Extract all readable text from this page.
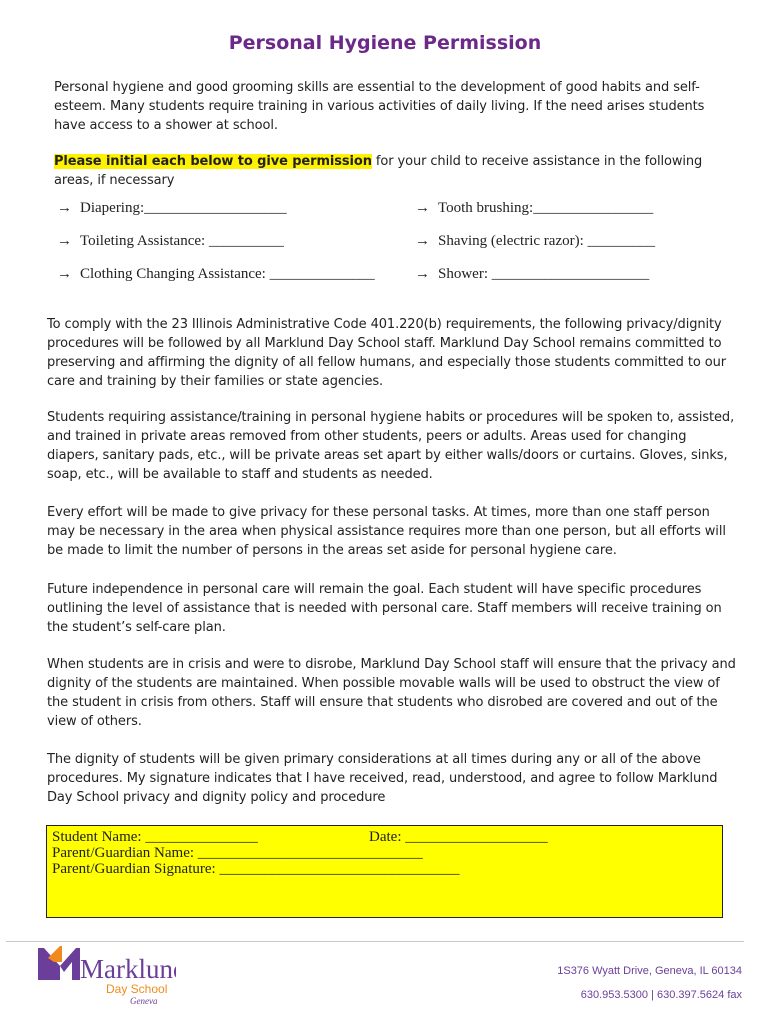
Personal Hygiene Permission
Personal hygiene and good grooming skills are essential to the development of good habits and self-esteem. Many students require training in various activities of daily living. If the need arises students have access to a shower at school.
Please initial each below to give permission for your child to receive assistance in the following areas, if necessary
→ Diapering:___________________	→ Tooth brushing:________________
→ Toileting Assistance: __________	→ Shaving (electric razor): _________
→ Clothing Changing Assistance: ______________	→ Shower: _____________________
To comply with the 23 Illinois Administrative Code 401.220(b) requirements, the following privacy/dignity procedures will be followed by all Marklund Day School staff. Marklund Day School remains committed to preserving and affirming the dignity of all fellow humans, and especially those students committed to our care and training by their families or state agencies.
Students requiring assistance/training in personal hygiene habits or procedures will be spoken to, assisted, and trained in private areas removed from other students, peers or adults. Areas used for changing diapers, sanitary pads, etc., will be private areas set apart by either walls/doors or curtains. Gloves, sinks, soap, etc., will be available to staff and students as needed.
Every effort will be made to give privacy for these personal tasks. At times, more than one staff person may be necessary in the area when physical assistance requires more than one person, but all efforts will be made to limit the number of persons in the areas set aside for personal hygiene care.
Future independence in personal care will remain the goal. Each student will have specific procedures outlining the level of assistance that is needed with personal care. Staff members will receive training on the student’s self-care plan.
When students are in crisis and were to disrobe, Marklund Day School staff will ensure that the privacy and dignity of the students are maintained. When possible movable walls will be used to obstruct the view of the student in crisis from others. Staff will ensure that students who disrobed are covered and out of the view of others.
The dignity of students will be given primary considerations at all times during any or all of the above procedures. My signature indicates that I have received, read, understood, and agree to follow Marklund Day School privacy and dignity policy and procedure
Student Name: _______________	Date: ___________________
Parent/Guardian Name: ______________________________
Parent/Guardian Signature: ________________________________
Marklund
Day School
Geneva
1S376 Wyatt Drive, Geneva, IL 60134
630.953.5300 | 630.397.5624 fax
